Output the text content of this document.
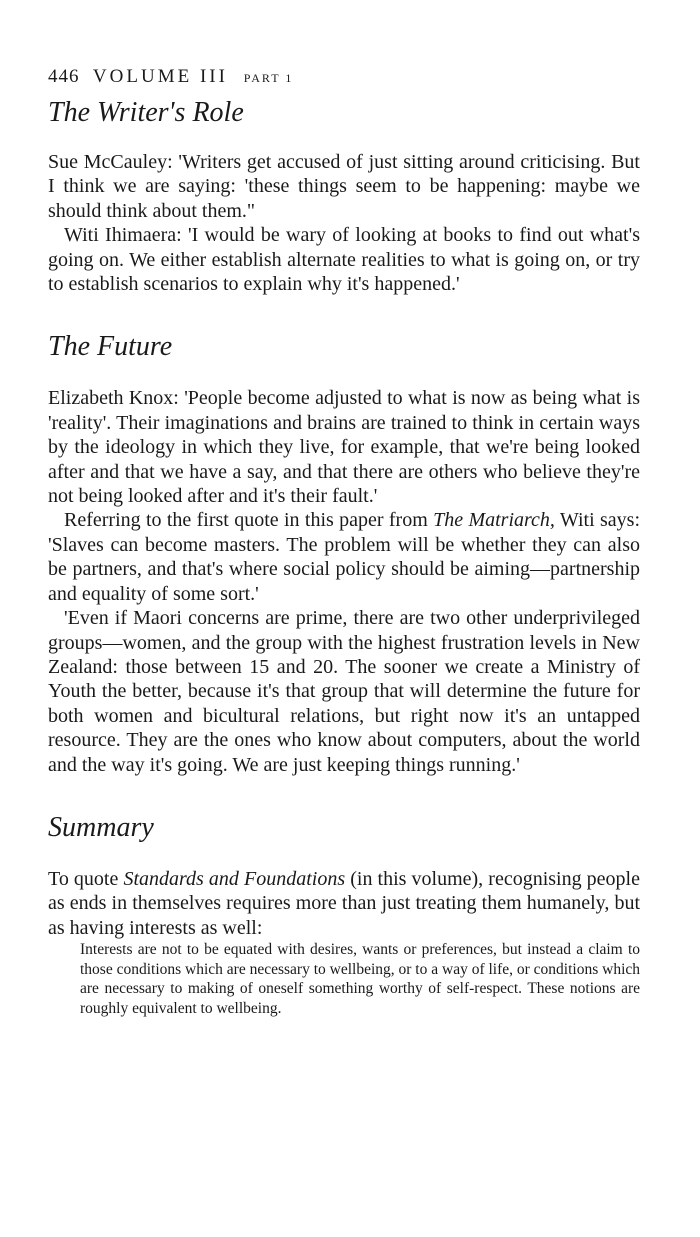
446 VOLUME III PART 1
The Writer's Role

Sue McCauley: 'Writers get accused of just sitting around criticising. But I think we are saying: 'these things seem to be happening: maybe we should think about them."

Witi Ihimaera: 'I would be wary of looking at books to find out what's going on. We either establish alternate realities to what is going on, or try to establish scenarios to explain why it's happened.'

The Future

Elizabeth Knox: 'People become adjusted to what is now as being what is 'reality'. Their imaginations and brains are trained to think in certain ways by the ideology in which they live, for example, that we're being looked after and that we have a say, and that there are others who believe they're not being looked after and it's their fault.'

Referring to the first quote in this paper from The Matriarch, Witi says: 'Slaves can become masters. The problem will be whether they can also be partners, and that's where social policy should be aiming—partnership and equality of some sort.'

'Even if Maori concerns are prime, there are two other underprivileged groups—women, and the group with the highest frustration levels in New Zealand: those between 15 and 20. The sooner we create a Ministry of Youth the better, because it's that group that will determine the future for both women and bicultural relations, but right now it's an untapped resource. They are the ones who know about computers, about the world and the way it's going. We are just keeping things running.'

Summary

To quote Standards and Foundations (in this volume), recognising people as ends in themselves requires more than just treating them humanely, but as having interests as well:

Interests are not to be equated with desires, wants or preferences, but instead a claim to those conditions which are necessary to wellbeing, or to a way of life, or conditions which are necessary to making of oneself something worthy of self-respect. These notions are roughly equivalent to wellbeing.
